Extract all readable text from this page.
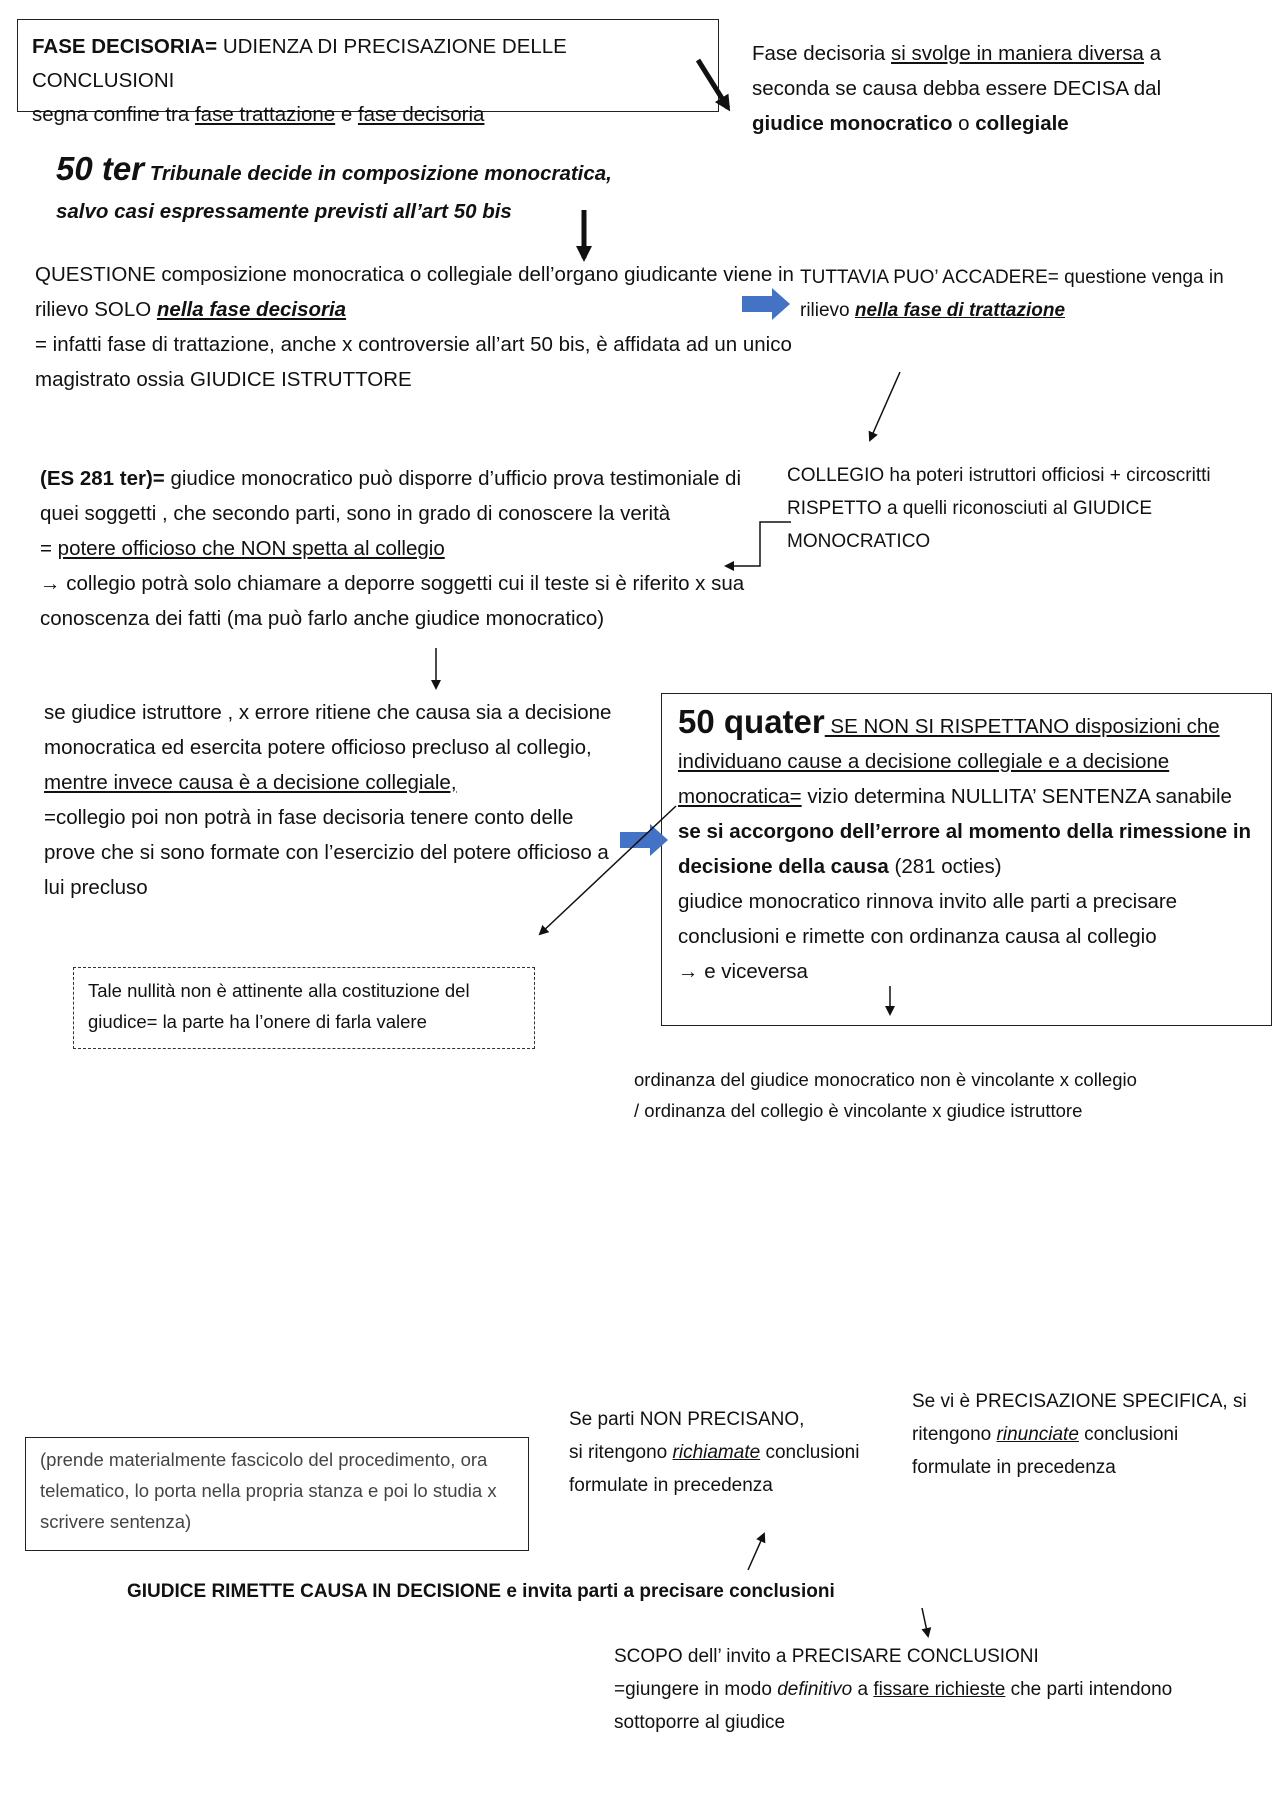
FASE DECISORIA= UDIENZA DI PRECISAZIONE DELLE CONCLUSIONI
segna confine tra fase trattazione e fase decisoria
Fase decisoria si svolge in maniera diversa a seconda se causa debba essere DECISA dal giudice monocratico o collegiale
50 ter Tribunale decide in composizione monocratica,
salvo casi espressamente previsti all’art 50 bis
QUESTIONE composizione monocratica o collegiale dell’organo giudicante viene in rilievo SOLO nella fase decisoria
= infatti fase di trattazione, anche x controversie all’art 50 bis, è affidata ad un unico magistrato ossia GIUDICE ISTRUTTORE
TUTTAVIA PUO’ ACCADERE= questione venga in rilievo nella fase di trattazione
COLLEGIO ha poteri istruttori officiosi + circoscritti RISPETTO a quelli riconosciuti al GIUDICE MONOCRATICO
(ES 281 ter)= giudice monocratico può disporre d’ufficio prova testimoniale di quei soggetti , che secondo parti, sono in grado di conoscere la verità
= potere officioso che NON spetta al collegio
→ collegio potrà solo chiamare a deporre soggetti cui il teste si è riferito x sua conoscenza dei fatti (ma può farlo anche giudice monocratico)
se giudice istruttore , x errore ritiene che causa sia a decisione monocratica ed esercita potere officioso precluso al collegio, mentre invece causa è a decisione collegiale,
=collegio poi non potrà in fase decisoria tenere conto delle prove che si sono formate con l’esercizio del potere officioso a lui precluso
50 quater SE NON SI RISPETTANO disposizioni che individuano cause a decisione collegiale e a decisione monocratica= vizio determina NULLITA’ SENTENZA sanabile
se si accorgono dell’errore al momento della rimessione in decisione della causa (281 octies)
giudice monocratico rinnova invito alle parti a precisare conclusioni e rimette con ordinanza causa al collegio
→ e viceversa
Tale nullità non è attinente alla costituzione del giudice= la parte ha l’onere di farla valere
ordinanza del giudice monocratico non è vincolante x collegio
/ ordinanza del collegio è vincolante x giudice istruttore
(prende materialmente fascicolo del procedimento, ora telematico, lo porta nella propria stanza e poi lo studia x scrivere sentenza)
Se parti NON PRECISANO,
si ritengono richiamate conclusioni formulate in precedenza
Se vi è PRECISAZIONE SPECIFICA, si ritengono rinunciate conclusioni formulate in precedenza
GIUDICE RIMETTE CAUSA IN DECISIONE e invita parti a precisare conclusioni
SCOPO dell’ invito a PRECISARE CONCLUSIONI
=giungere in modo definitivo a fissare richieste che parti intendono sottoporre al giudice
